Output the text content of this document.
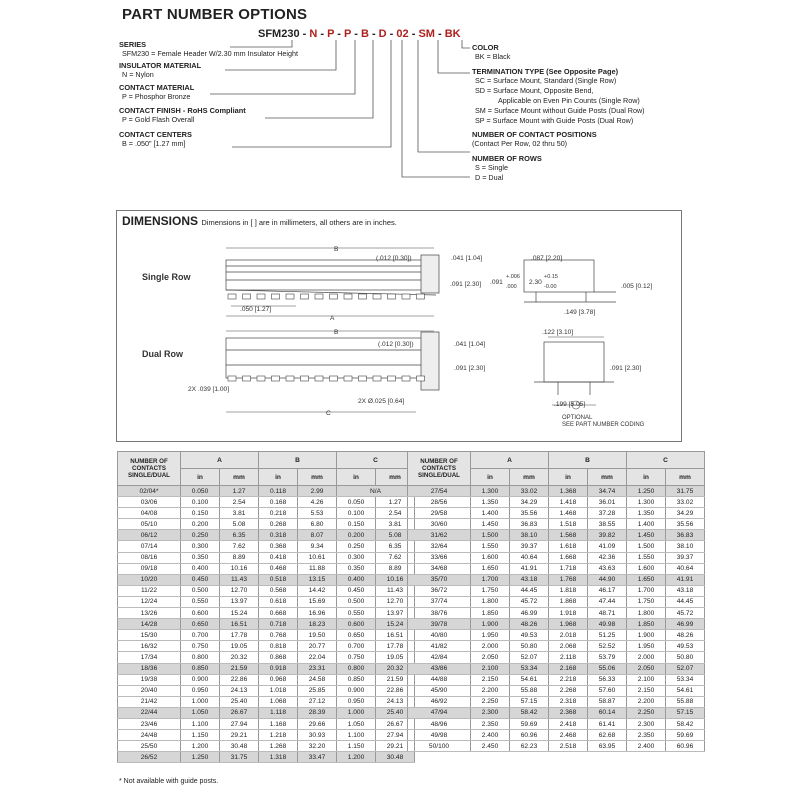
PART NUMBER OPTIONS
SFM230 - N - P - P - B - D - 02 - SM - BK
SERIES
SFM230 = Female Header W/2.30 mm Insulator Height
INSULATOR MATERIAL
N = Nylon
CONTACT MATERIAL
P = Phosphor Bronze
CONTACT FINISH - RoHS Compliant
P = Gold Flash Overall
CONTACT CENTERS
B = .050" [1.27 mm]
COLOR
BK = Black
TERMINATION TYPE (See Opposite Page)
SC = Surface Mount, Standard (Single Row)
SD = Surface Mount, Opposite Bend,
Applicable on Even Pin Counts (Single Row)
SM = Surface Mount without Guide Posts (Dual Row)
SP = Surface Mount with Guide Posts (Dual Row)
NUMBER OF CONTACT POSITIONS
(Contact Per Row, 02 thru 50)
NUMBER OF ROWS
S = Single
D = Dual
DIMENSIONS Dimensions in [ ] are in millimeters, all others are in inches.
Single Row
Dual Row
B
A
.050 [1.27]
(.012 [0.30])	.041 [1.04]
.091 [2.30] .091
+.006
.000
2.30
+0.15
-0.00
.087 [2.20]
.005 [0.12]
.149 [3.78]
B
C
(.012 [0.30])	.041 [1.04]
.091 [2.30]
2X .039 [1.00]
2X Ø.025 [0.64]
.122 [3.10]
.091 [2.30]
.199 [5.05]
OPTIONAL
SEE PART NUMBER CODING
NUMBER OF CONTACTS SINGLE/DUAL	A		B		C	
	in	mm	in	mm	in	mm
02/04*	0.050	1.27	0.118	2.99	N/A	
03/06	0.100	2.54	0.168	4.26	0.050	1.27
04/08	0.150	3.81	0.218	5.53	0.100	2.54
05/10	0.200	5.08	0.268	6.80	0.150	3.81
06/12	0.250	6.35	0.318	8.07	0.200	5.08
07/14	0.300	7.62	0.368	9.34	0.250	6.35
08/16	0.350	8.89	0.418	10.61	0.300	7.62
09/18	0.400	10.16	0.468	11.88	0.350	8.89
10/20	0.450	11.43	0.518	13.15	0.400	10.16
11/22	0.500	12.70	0.568	14.42	0.450	11.43
12/24	0.550	13.97	0.618	15.69	0.500	12.70
13/26	0.600	15.24	0.668	16.96	0.550	13.97
14/28	0.650	16.51	0.718	18.23	0.600	15.24
15/30	0.700	17.78	0.768	19.50	0.650	16.51
16/32	0.750	19.05	0.818	20.77	0.700	17.78
17/34	0.800	20.32	0.868	22.04	0.750	19.05
18/36	0.850	21.59	0.918	23.31	0.800	20.32
19/38	0.900	22.86	0.968	24.58	0.850	21.59
20/40	0.950	24.13	1.018	25.85	0.900	22.86
21/42	1.000	25.40	1.068	27.12	0.950	24.13
22/44	1.050	26.67	1.118	28.39	1.000	25.40
23/46	1.100	27.94	1.168	29.66	1.050	26.67
24/48	1.150	29.21	1.218	30.93	1.100	27.94
25/50	1.200	30.48	1.268	32.20	1.150	29.21
26/52	1.250	31.75	1.318	33.47	1.200	30.48
NUMBER OF CONTACTS SINGLE/DUAL	A		B		C	
	in	mm	in	mm	in	mm
27/54	1.300	33.02	1.368	34.74	1.250	31.75
28/56	1.350	34.29	1.418	36.01	1.300	33.02
29/58	1.400	35.56	1.468	37.28	1.350	34.29
30/60	1.450	36.83	1.518	38.55	1.400	35.56
31/62	1.500	38.10	1.568	39.82	1.450	36.83
32/64	1.550	39.37	1.618	41.09	1.500	38.10
33/66	1.600	40.64	1.668	42.36	1.550	39.37
34/68	1.650	41.91	1.718	43.63	1.600	40.64
35/70	1.700	43.18	1.768	44.90	1.650	41.91
36/72	1.750	44.45	1.818	46.17	1.700	43.18
37/74	1.800	45.72	1.868	47.44	1.750	44.45
38/76	1.850	46.99	1.918	48.71	1.800	45.72
39/78	1.900	48.26	1.968	49.98	1.850	46.99
40/80	1.950	49.53	2.018	51.25	1.900	48.26
41/82	2.000	50.80	2.068	52.52	1.950	49.53
42/84	2.050	52.07	2.118	53.79	2.000	50.80
43/86	2.100	53.34	2.168	55.06	2.050	52.07
44/88	2.150	54.61	2.218	56.33	2.100	53.34
45/90	2.200	55.88	2.268	57.60	2.150	54.61
46/92	2.250	57.15	2.318	58.87	2.200	55.88
47/94	2.300	58.42	2.368	60.14	2.250	57.15
48/96	2.350	59.69	2.418	61.41	2.300	58.42
49/98	2.400	60.96	2.468	62.68	2.350	59.69
50/100	2.450	62.23	2.518	63.95	2.400	60.96
* Not available with guide posts.
